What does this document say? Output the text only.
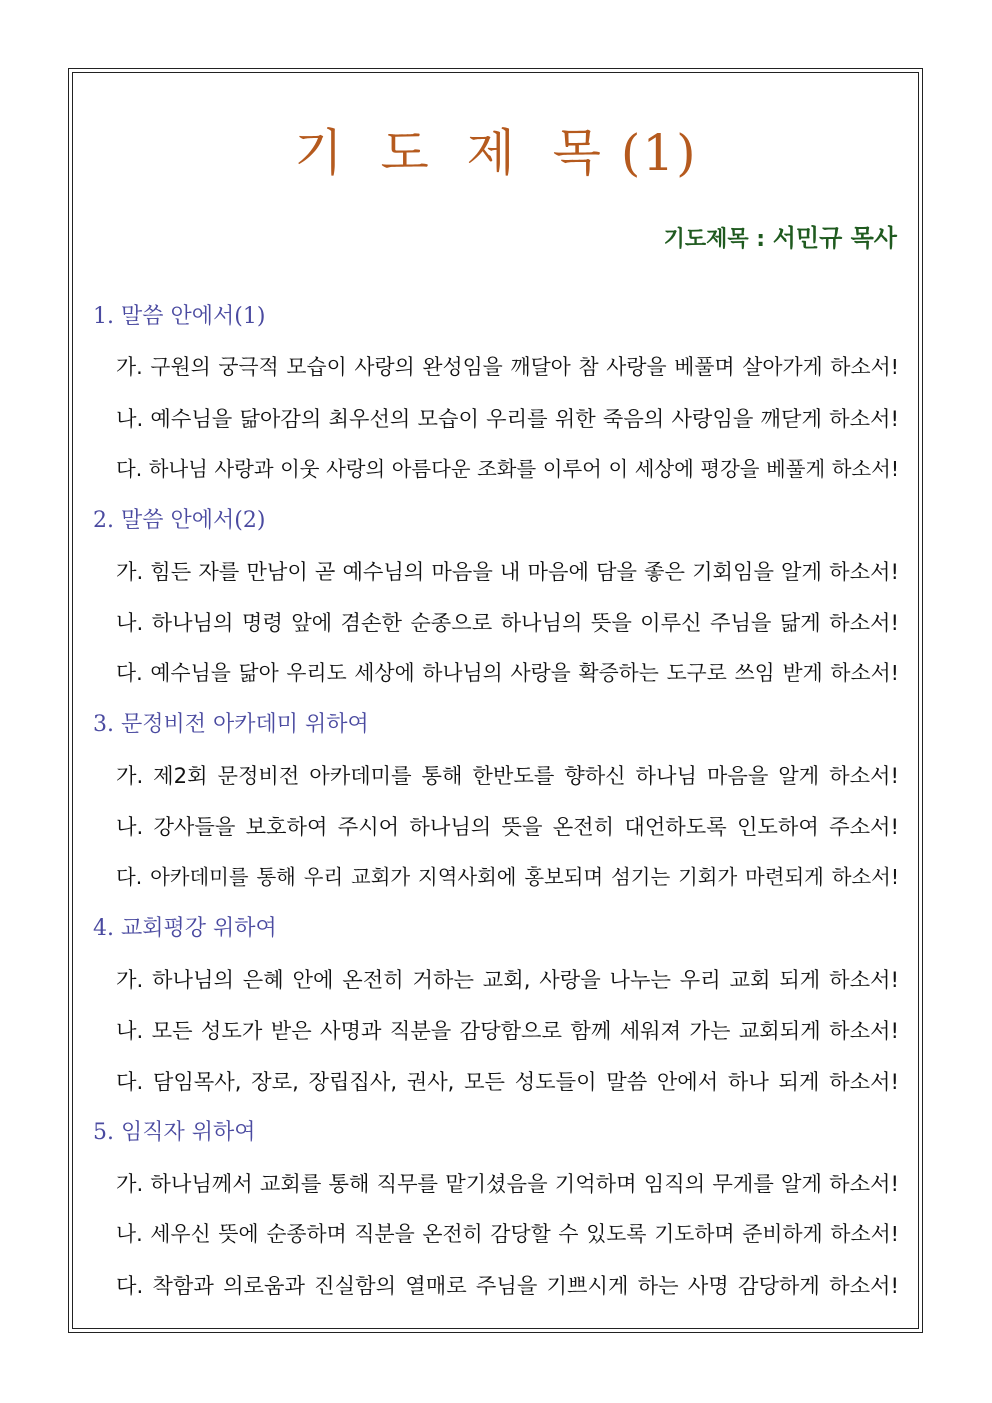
기  도  제  목 (1)
기도제목 : 서민규 목사
1. 말씀 안에서(1)
가. 구원의 궁극적 모습이 사랑의 완성임을 깨달아 참 사랑을 베풀며 살아가게 하소서!
나. 예수님을 닮아감의 최우선의 모습이 우리를 위한 죽음의 사랑임을 깨닫게 하소서!
다. 하나님 사랑과 이웃 사랑의 아름다운 조화를 이루어 이 세상에 평강을 베풀게 하소서!
2. 말씀 안에서(2)
가. 힘든 자를 만남이 곧 예수님의 마음을 내 마음에 담을 좋은 기회임을 알게 하소서!
나. 하나님의 명령 앞에 겸손한 순종으로 하나님의 뜻을 이루신 주님을 닮게 하소서!
다. 예수님을 닮아 우리도 세상에 하나님의 사랑을 확증하는 도구로 쓰임 받게 하소서!
3. 문정비전 아카데미 위하여
가. 제2회 문정비전 아카데미를 통해 한반도를 향하신 하나님 마음을 알게 하소서!
나. 강사들을 보호하여 주시어 하나님의 뜻을 온전히 대언하도록 인도하여 주소서!
다. 아카데미를 통해 우리 교회가 지역사회에 홍보되며 섬기는 기회가 마련되게 하소서!
4. 교회평강 위하여
가. 하나님의 은혜 안에 온전히 거하는 교회, 사랑을 나누는 우리 교회 되게 하소서!
나. 모든 성도가 받은 사명과 직분을 감당함으로 함께 세워져 가는 교회되게 하소서!
다. 담임목사, 장로, 장립집사, 권사, 모든 성도들이 말씀 안에서 하나 되게 하소서!
5. 임직자 위하여
가. 하나님께서 교회를 통해 직무를 맡기셨음을 기억하며 임직의 무게를 알게 하소서!
나. 세우신 뜻에 순종하며 직분을 온전히 감당할 수 있도록 기도하며 준비하게 하소서!
다. 착함과 의로움과 진실함의 열매로 주님을 기쁘시게 하는 사명 감당하게 하소서!
